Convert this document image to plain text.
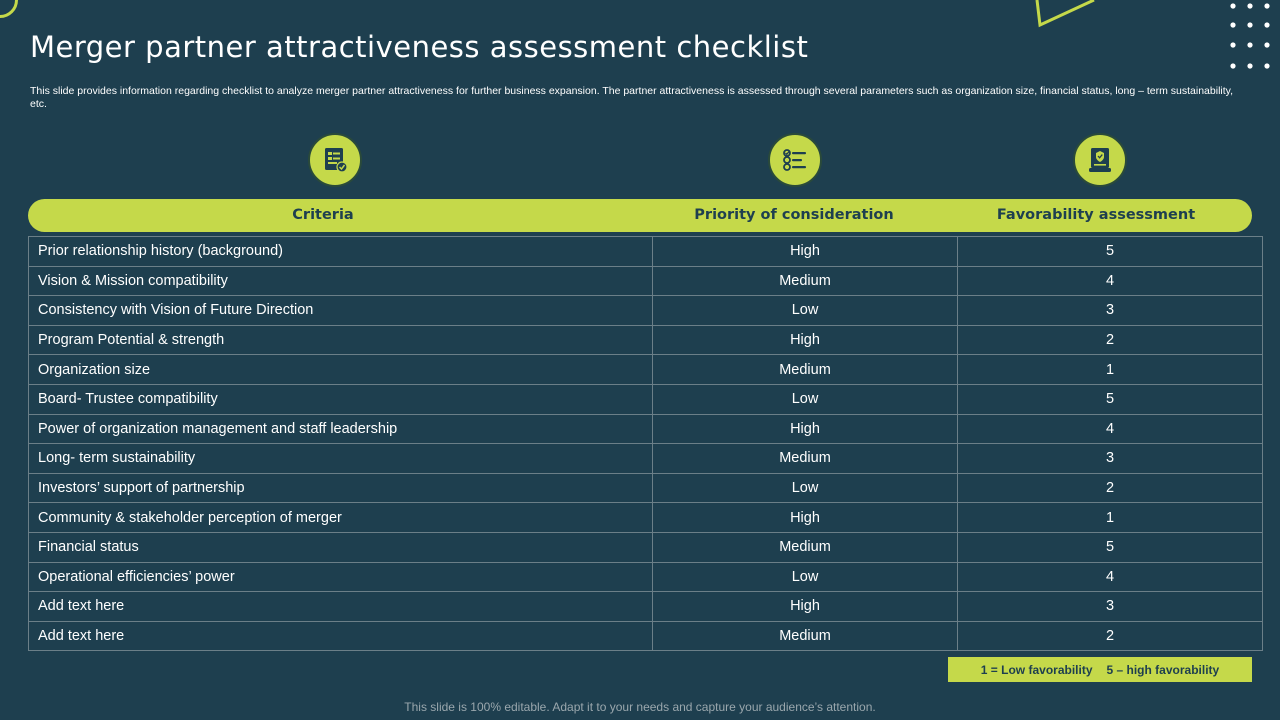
Merger partner attractiveness assessment checklist

This slide provides information regarding checklist to analyze merger partner attractiveness for further business expansion. The partner attractiveness is assessed through several parameters such as organization size, financial status, long – term sustainability, etc.

Criteria	Priority of consideration	Favorability assessment
Prior relationship history (background)	High	5
Vision & Mission compatibility	Medium	4
Consistency with Vision of Future Direction	Low	3
Program Potential & strength	High	2
Organization size	Medium	1
Board- Trustee compatibility	Low	5
Power of organization management and staff leadership	High	4
Long- term sustainability	Medium	3
Investors’ support of partnership	Low	2
Community & stakeholder perception of merger	High	1
Financial status	Medium	5
Operational efficiencies’ power	Low	4
Add text here	High	3
Add text here	Medium	2
1 = Low favorability 5 – high favorability
This slide is 100% editable. Adapt it to your needs and capture your audience’s attention.
